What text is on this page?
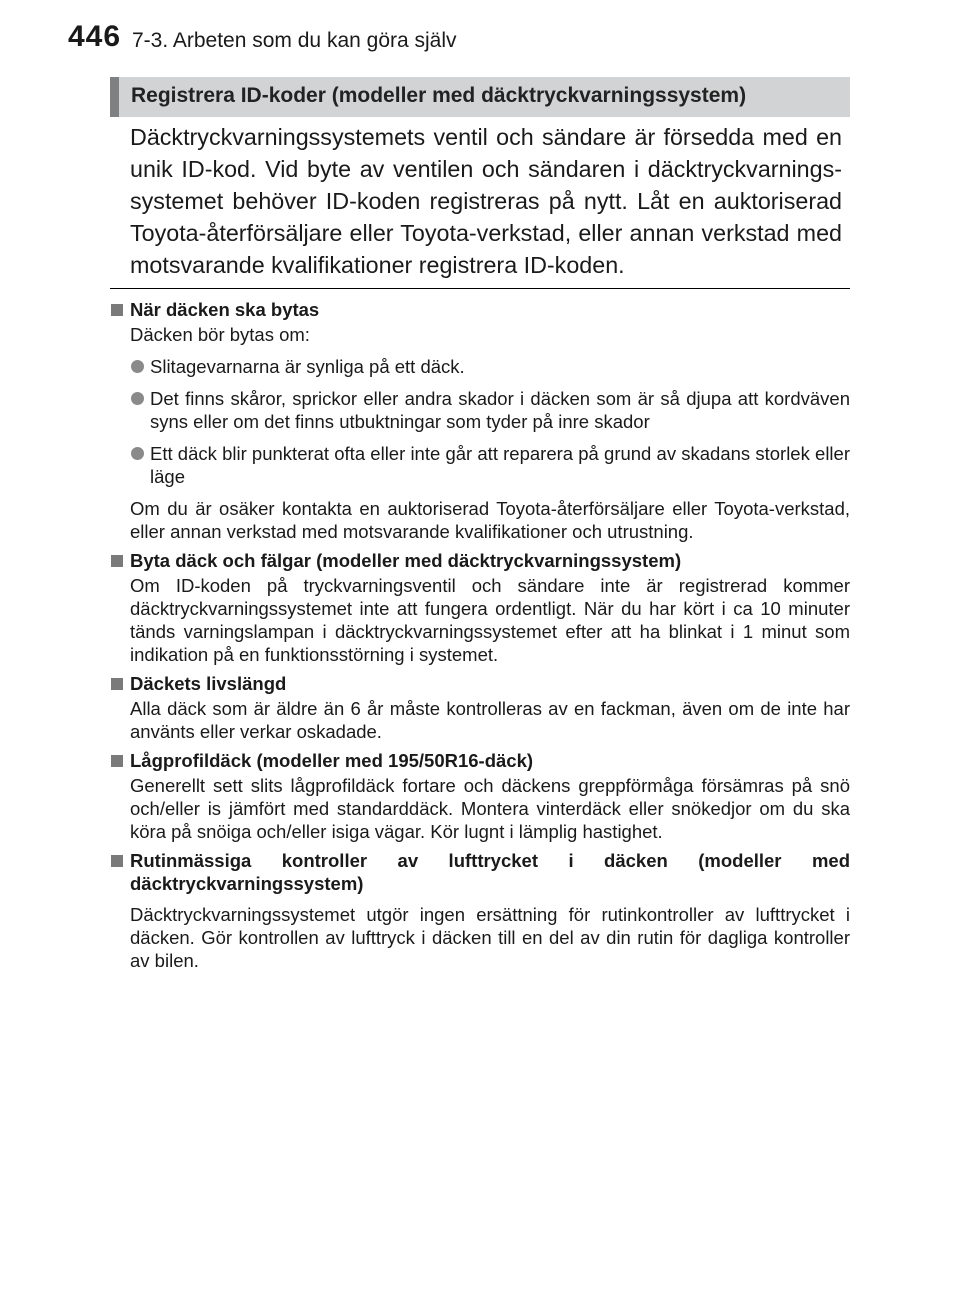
446 7-3. Arbeten som du kan göra själv
Registrera ID-koder (modeller med däcktryckvarningssystem)
Däcktryckvarningssystemets ventil och sändare är försedda med en unik ID-kod. Vid byte av ventilen och sändaren i däcktryckvarningssystemet behöver ID-koden registreras på nytt. Låt en auktoriserad Toyota-återförsäljare eller Toyota-verkstad, eller annan verkstad med motsvarande kvalifikationer registrera ID-koden.
När däcken ska bytas
Däcken bör bytas om:
Slitagevarnarna är synliga på ett däck.
Det finns skåror, sprickor eller andra skador i däcken som är så djupa att kordväven syns eller om det finns utbuktningar som tyder på inre skador
Ett däck blir punkterat ofta eller inte går att reparera på grund av skadans storlek eller läge
Om du är osäker kontakta en auktoriserad Toyota-återförsäljare eller Toyota-verkstad, eller annan verkstad med motsvarande kvalifikationer och utrustning.
Byta däck och fälgar (modeller med däcktryckvarningssystem)
Om ID-koden på tryckvarningsventil och sändare inte är registrerad kommer däcktryckvarningssystemet inte att fungera ordentligt. När du har kört i ca 10 minuter tänds varningslampan i däcktryckvarningssystemet efter att ha blinkat i 1 minut som indikation på en funktionsstörning i systemet.
Däckets livslängd
Alla däck som är äldre än 6 år måste kontrolleras av en fackman, även om de inte har använts eller verkar oskadade.
Lågprofildäck (modeller med 195/50R16-däck)
Generellt sett slits lågprofildäck fortare och däckens greppförmåga försämras på snö och/eller is jämfört med standarddäck. Montera vinterdäck eller snökedjor om du ska köra på snöiga och/eller isiga vägar. Kör lugnt i lämplig hastighet.
Rutinmässiga kontroller av lufttrycket i däcken (modeller med däcktryckvarningssystem)
Däcktryckvarningssystemet utgör ingen ersättning för rutinkontroller av lufttrycket i däcken. Gör kontrollen av lufttryck i däcken till en del av din rutin för dagliga kontroller av bilen.
